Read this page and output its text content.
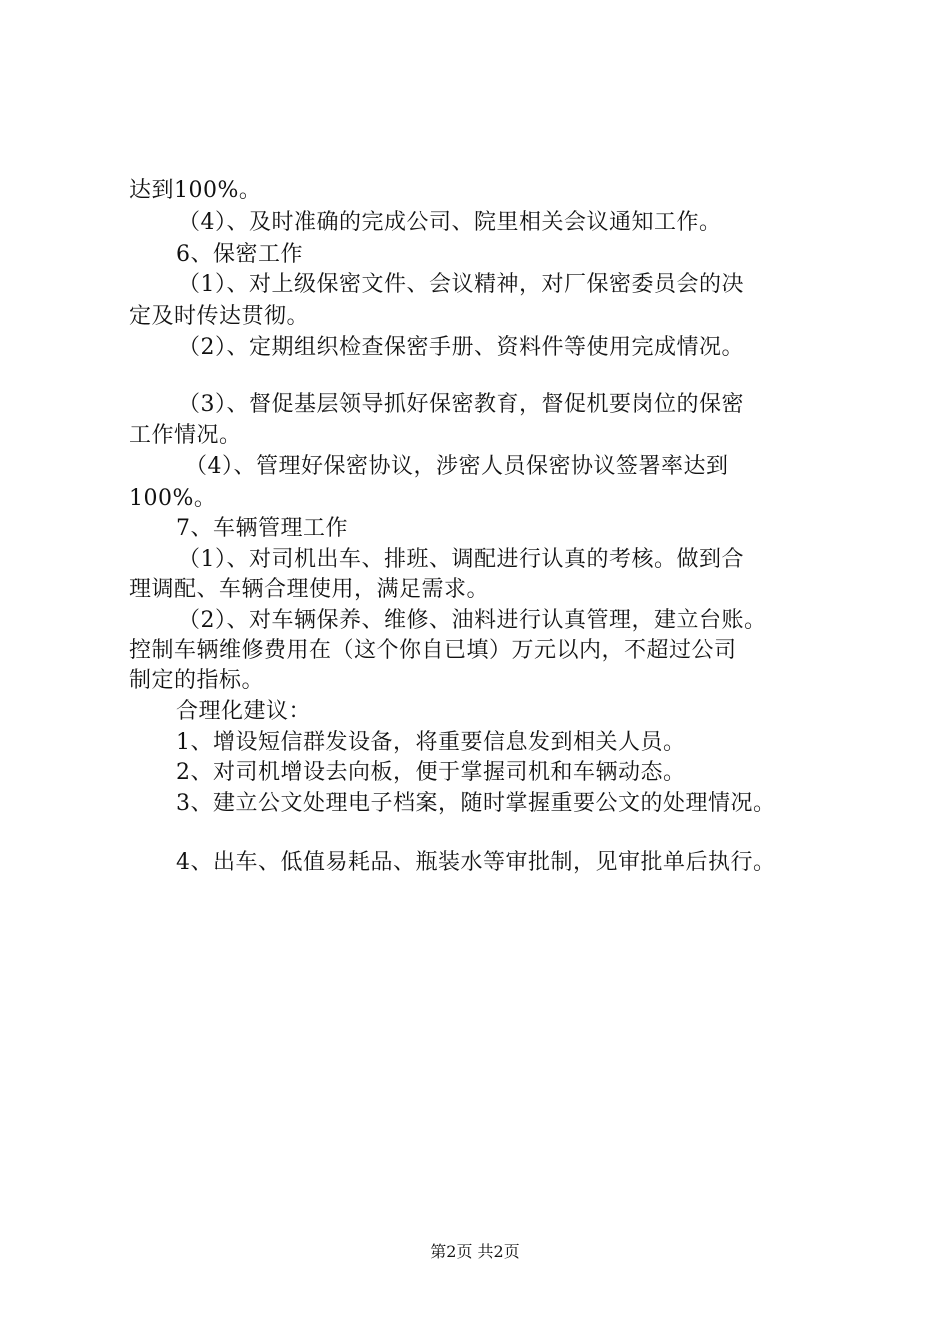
达到100%。
（4）、及时准确的完成公司、院里相关会议通知工作。
6、保密工作
（1）、对上级保密文件、会议精神，对厂保密委员会的决
定及时传达贯彻。
（2）、定期组织检查保密手册、资料件等使用完成情况。
（3）、督促基层领导抓好保密教育，督促机要岗位的保密
工作情况。
（4）、管理好保密协议，涉密人员保密协议签署率达到
100%。
7、车辆管理工作
（1）、对司机出车、排班、调配进行认真的考核。做到合
理调配、车辆合理使用，满足需求。
（2）、对车辆保养、维修、油料进行认真管理，建立台账。
控制车辆维修费用在（这个你自已填）万元以内，不超过公司
制定的指标。
合理化建议：
1、增设短信群发设备，将重要信息发到相关人员。
2、对司机增设去向板，便于掌握司机和车辆动态。
3、建立公文处理电子档案，随时掌握重要公文的处理情况。
4、出车、低值易耗品、瓶装水等审批制，见审批单后执行。
第2页 共2页
